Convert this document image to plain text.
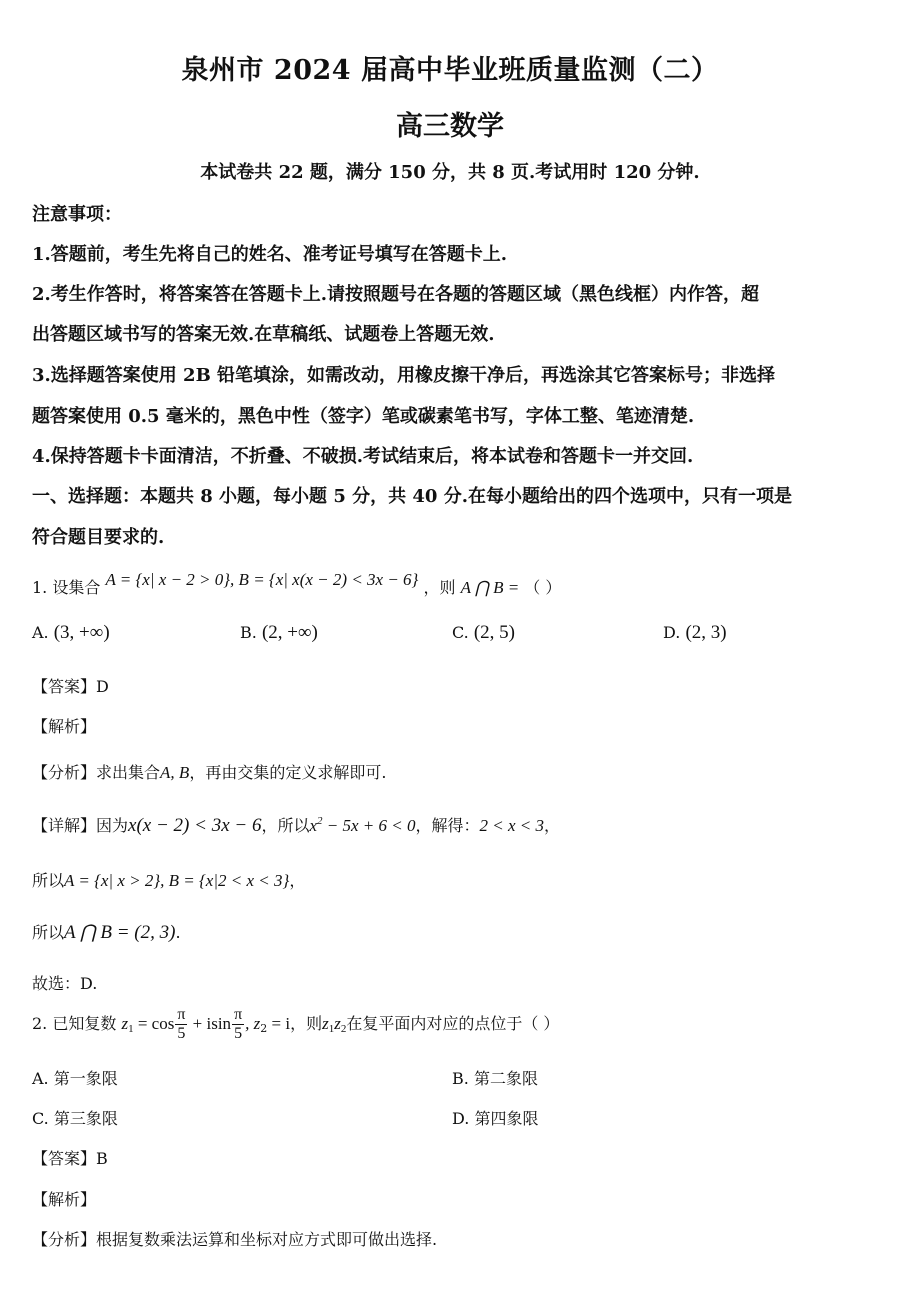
泉州市 2024 届高中毕业班质量监测（二）
高三数学
本试卷共 22 题，满分 150 分，共 8 页.考试用时 120 分钟.
注意事项：
1.答题前，考生先将自己的姓名、准考证号填写在答题卡上.
2.考生作答时，将答案答在答题卡上.请按照题号在各题的答题区域（黑色线框）内作答，超
出答题区域书写的答案无效.在草稿纸、试题卷上答题无效.
3.选择题答案使用 2B 铅笔填涂，如需改动，用橡皮擦干净后，再选涂其它答案标号；非选择
题答案使用 0.5 毫米的，黑色中性（签字）笔或碳素笔书写，字体工整、笔迹清楚.
4.保持答题卡卡面清洁，不折叠、不破损.考试结束后，将本试卷和答题卡一并交回.
一、选择题：本题共 8 小题，每小题 5 分，共 40 分.在每小题给出的四个选项中，只有一项是
符合题目要求的.
1. 设集合 A = {x| x − 2 > 0}, B = {x| x(x − 2) < 3x − 6} ，则 A ⋂ B = （ ）
A. (3, +∞)	B. (2, +∞)	C. (2, 5)	D. (2, 3)
【答案】D
【解析】
【分析】求出集合A, B，再由交集的定义求解即可.
【详解】因为x(x − 2) < 3x − 6，所以$x^2 - 5x + 6 < 0$，解得：2 < x < 3，
所以A = {x| x > 2}, B = {x|2 < x < 3}，
所以A ⋂ B = (2, 3).
故选：D.
2. 已知复数 $z_1 = \cos \frac{\pi}{5} + isin \frac{\pi}{5}$ , $z_2 = i$，则$z_1z_2$在复平面内对应的点位于（ ）
A. 第一象限	B. 第二象限
C. 第三象限	D. 第四象限
【答案】B
【解析】
【分析】根据复数乘法运算和坐标对应方式即可做出选择.
